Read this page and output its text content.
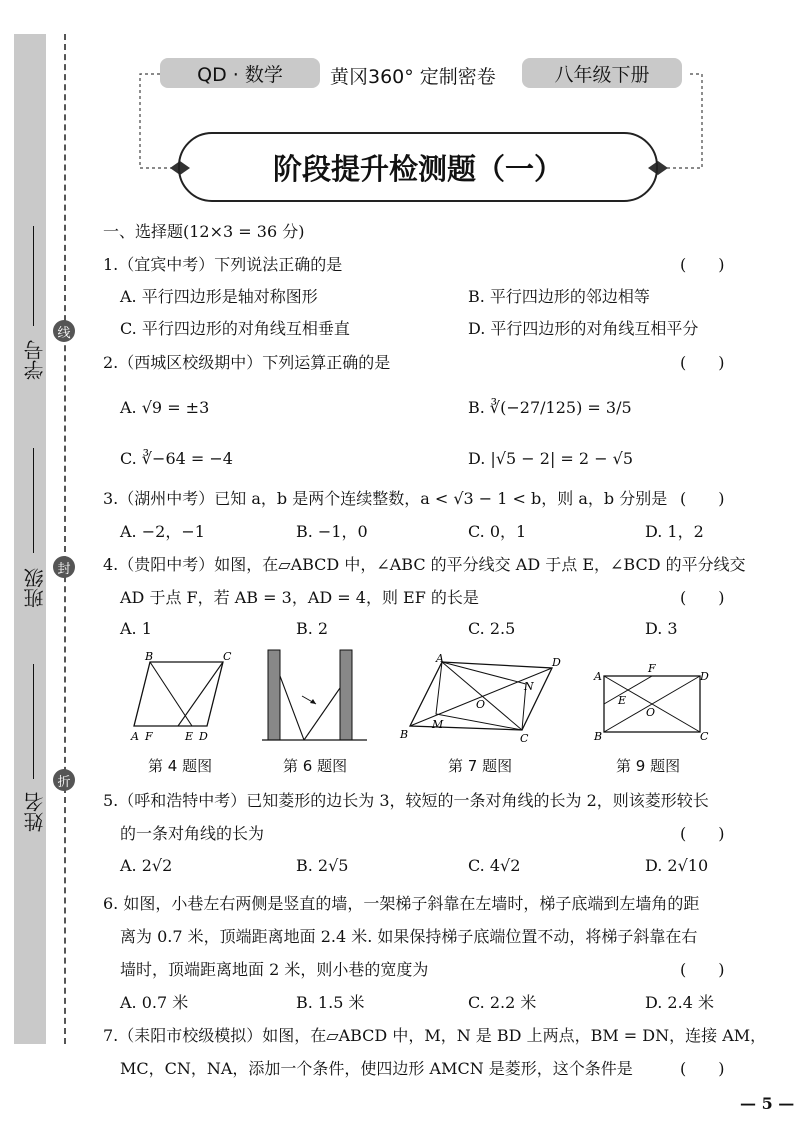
学号
班级
姓名
线
封
折
QD · 数学	黄冈360° 定制密卷	八年级下册
阶段提升检测题（一）
一、选择题(12×3 = 36 分)
1.（宜宾中考）下列说法正确的是	(　　)
A. 平行四边形是轴对称图形	B. 平行四边形的邻边相等
C. 平行四边形的对角线互相垂直	D. 平行四边形的对角线互相平分
2.（西城区校级期中）下列运算正确的是	(　　)
A. √9 = ±3	B. ∛(−27/125) = 3/5
C. ∛−64 = −4	D. |√5 − 2| = 2 − √5
3.（湖州中考）已知 a，b 是两个连续整数，a < √3 − 1 < b，则 a，b 分别是 (　　)
A. −2，−1	B. −1，0	C. 0，1	D. 1，2
4.（贵阳中考）如图，在▱ABCD 中，∠ABC 的平分线交 AD 于点 E，∠BCD 的平分线交
AD 于点 F，若 AB = 3，AD = 4，则 EF 的长是	(　　)
A. 1	B. 2	C. 2.5	D. 3
B	C
A F	E D
A	D
B	C
M
N
O
A	D
F
E
O
B	C
第 4 题图	第 6 题图	第 7 题图	第 9 题图
5.（呼和浩特中考）已知菱形的边长为 3，较短的一条对角线的长为 2，则该菱形较长
的一条对角线的长为	(　　)
A. 2√2	B. 2√5	C. 4√2	D. 2√10
6. 如图，小巷左右两侧是竖直的墙，一架梯子斜靠在左墙时，梯子底端到左墙角的距
离为 0.7 米，顶端距离地面 2.4 米. 如果保持梯子底端位置不动，将梯子斜靠在右
墙时，顶端距离地面 2 米，则小巷的宽度为	(　　)
A. 0.7 米	B. 1.5 米	C. 2.2 米	D. 2.4 米
7.（耒阳市校级模拟）如图，在▱ABCD 中，M，N 是 BD 上两点，BM = DN，连接 AM，
MC，CN，NA，添加一个条件，使四边形 AMCN 是菱形，这个条件是	(　　)
— 5 —
